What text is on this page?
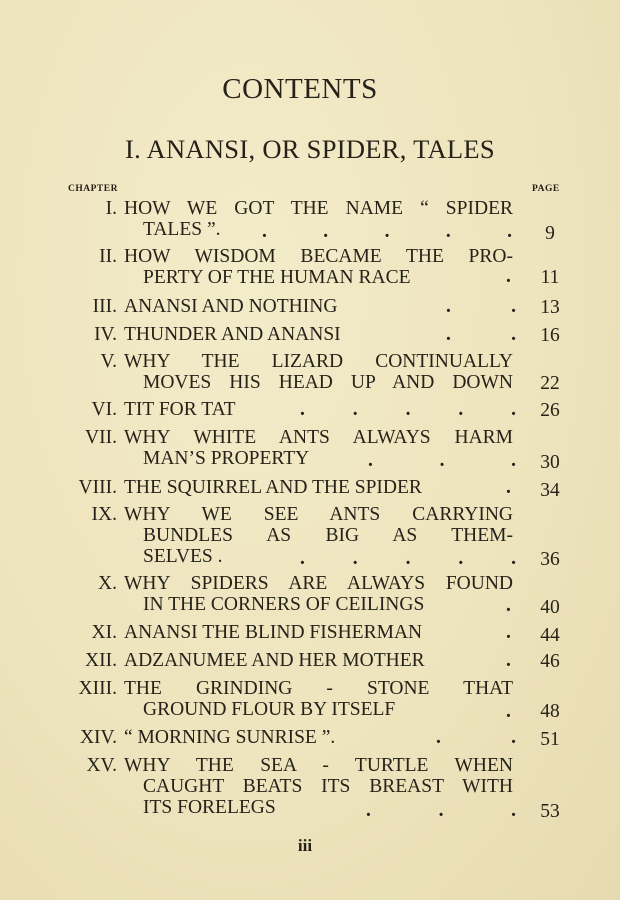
CONTENTS
I. ANANSI, OR SPIDER, TALES
CHAPTER	PAGE
I. HOW WE GOT THE NAME “ SPIDER
TALES ”.	.	.	.	.	.	9
II. HOW WISDOM BECAME THE PRO-
PERTY OF THE HUMAN RACE	.	11
III. ANANSI AND NOTHING	.	.	13
IV. THUNDER AND ANANSI	.	.	16
V. WHY THE LIZARD CONTINUALLY
MOVES HIS HEAD UP AND DOWN	22
VI. TIT FOR TAT	. . . . .	26
VII. WHY WHITE ANTS ALWAYS HARM
MAN’S PROPERTY	.	.	.	30
VIII. THE SQUIRREL AND THE SPIDER	.	34
IX. WHY WE SEE ANTS CARRYING
BUNDLES AS BIG AS THEM-
SELVES .	. . . . .	36
X. WHY SPIDERS ARE ALWAYS FOUND
IN THE CORNERS OF CEILINGS	.	40
XI. ANANSI THE BLIND FISHERMAN	.	44
XII. ADZANUMEE AND HER MOTHER	.	46
XIII. THE GRINDING - STONE THAT
GROUND FLOUR BY ITSELF	.	48
XIV. “ MORNING SUNRISE ”.	.	.	51
XV. WHY THE SEA - TURTLE WHEN
CAUGHT BEATS ITS BREAST WITH
ITS FORELEGS	.	.	.	53
iii
